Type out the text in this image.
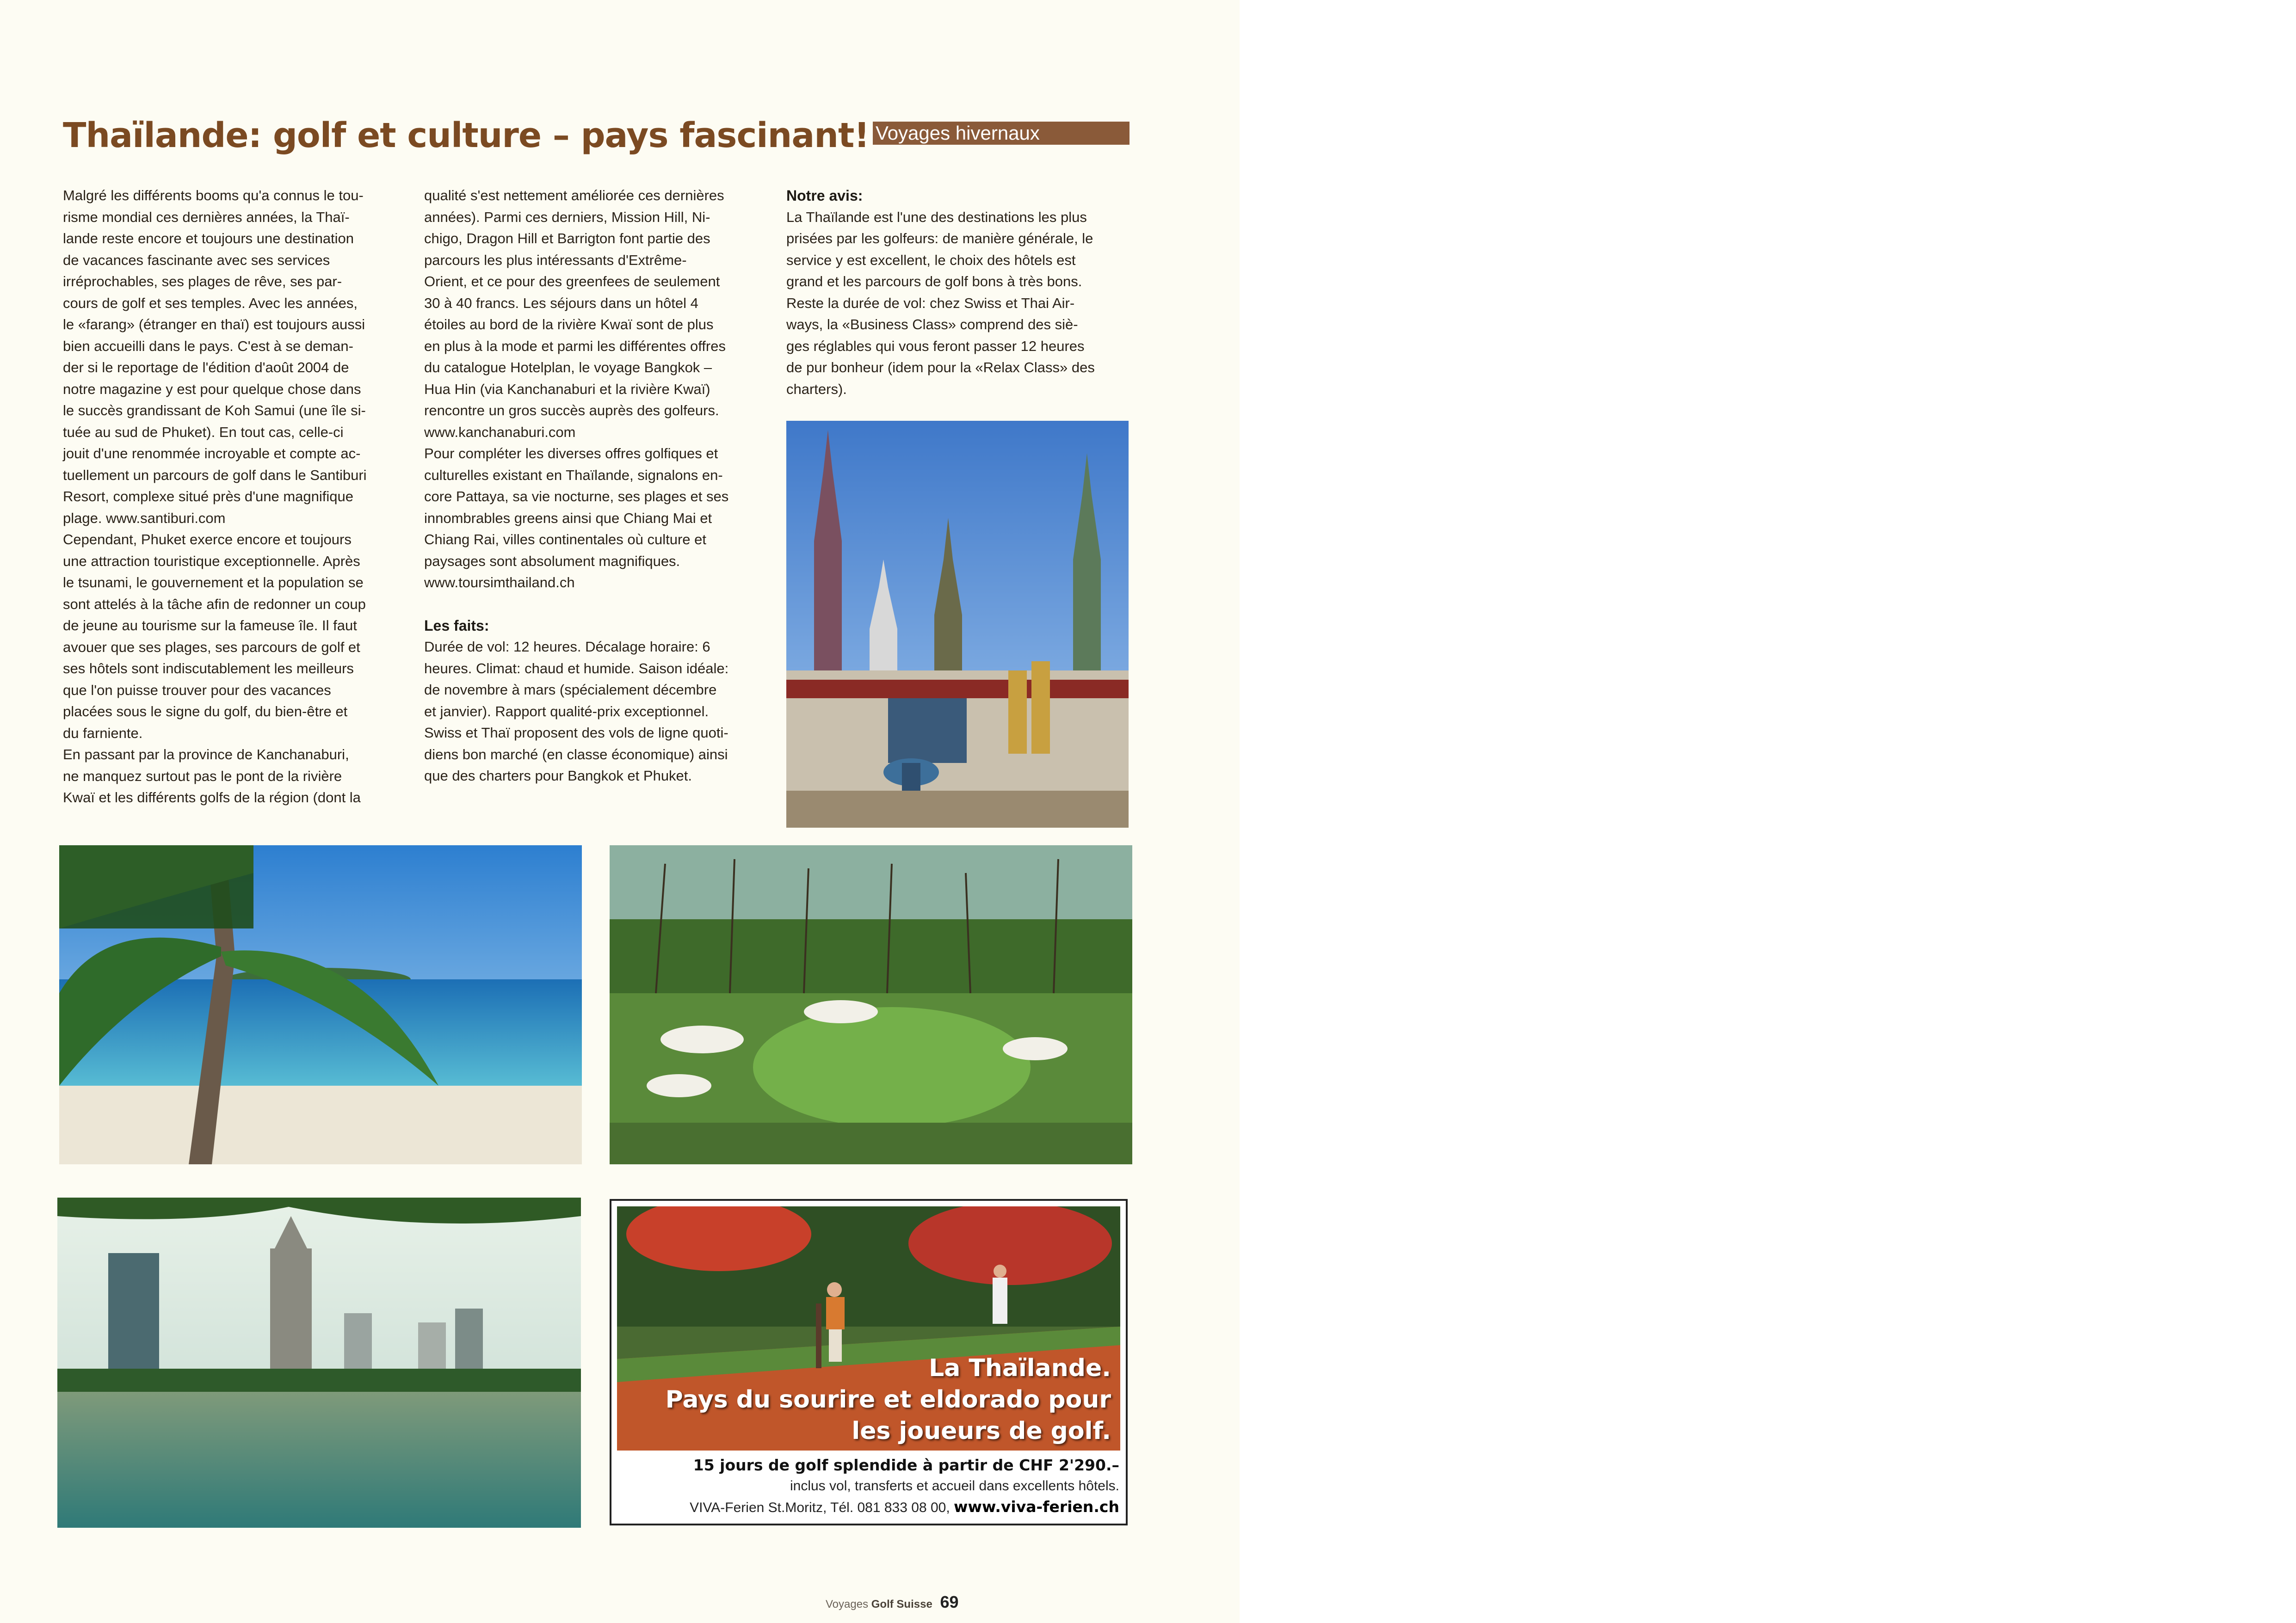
Thaïlande: golf et culture – pays fascinant! Voyages hivernaux
Malgré les différents booms qu'a connus le tou-
risme mondial ces dernières années, la Thaï-
lande reste encore et toujours une destination
de vacances fascinante avec ses services
irréprochables, ses plages de rêve, ses par-
cours de golf et ses temples. Avec les années,
le «farang» (étranger en thaï) est toujours aussi
bien accueilli dans le pays. C'est à se deman-
der si le reportage de l'édition d'août 2004 de
notre magazine y est pour quelque chose dans
le succès grandissant de Koh Samui (une île si-
tuée au sud de Phuket). En tout cas, celle-ci
jouit d'une renommée incroyable et compte ac-
tuellement un parcours de golf dans le Santiburi
Resort, complexe situé près d'une magnifique
plage. www.santiburi.com
Cependant, Phuket exerce encore et toujours
une attraction touristique exceptionnelle. Après
le tsunami, le gouvernement et la population se
sont attelés à la tâche afin de redonner un coup
de jeune au tourisme sur la fameuse île. Il faut
avouer que ses plages, ses parcours de golf et
ses hôtels sont indiscutablement les meilleurs
que l'on puisse trouver pour des vacances
placées sous le signe du golf, du bien-être et
du farniente.
En passant par la province de Kanchanaburi,
ne manquez surtout pas le pont de la rivière
Kwaï et les différents golfs de la région (dont la
qualité s'est nettement améliorée ces dernières
années). Parmi ces derniers, Mission Hill, Ni-
chigo, Dragon Hill et Barrigton font partie des
parcours les plus intéressants d'Extrême-
Orient, et ce pour des greenfees de seulement
30 à 40 francs. Les séjours dans un hôtel 4
étoiles au bord de la rivière Kwaï sont de plus
en plus à la mode et parmi les différentes offres
du catalogue Hotelplan, le voyage Bangkok –
Hua Hin (via Kanchanaburi et la rivière Kwaï)
rencontre un gros succès auprès des golfeurs.
www.kanchanaburi.com
Pour compléter les diverses offres golfiques et
culturelles existant en Thaïlande, signalons en-
core Pattaya, sa vie nocturne, ses plages et ses
innombrables greens ainsi que Chiang Mai et
Chiang Rai, villes continentales où culture et
paysages sont absolument magnifiques.
www.toursimthailand.ch
Les faits:
Durée de vol: 12 heures. Décalage horaire: 6
heures. Climat: chaud et humide. Saison idéale:
de novembre à mars (spécialement décembre
et janvier). Rapport qualité-prix exceptionnel.
Swiss et Thaï proposent des vols de ligne quoti-
diens bon marché (en classe économique) ainsi
que des charters pour Bangkok et Phuket.
Notre avis:
La Thaïlande est l'une des destinations les plus
prisées par les golfeurs: de manière générale, le
service y est excellent, le choix des hôtels est
grand et les parcours de golf bons à très bons.
Reste la durée de vol: chez Swiss et Thai Air-
ways, la «Business Class» comprend des siè-
ges réglables qui vous feront passer 12 heures
de pur bonheur (idem pour la «Relax Class» des
charters).
La Thaïlande.
Pays du sourire et eldorado pour
les joueurs de golf.
15 jours de golf splendide à partir de CHF 2'290.–
inclus vol, transferts et accueil dans excellents hôtels.
VIVA-Ferien St.Moritz, Tél. 081 833 08 00, www.viva-ferien.ch
Voyages Golf Suisse 69
